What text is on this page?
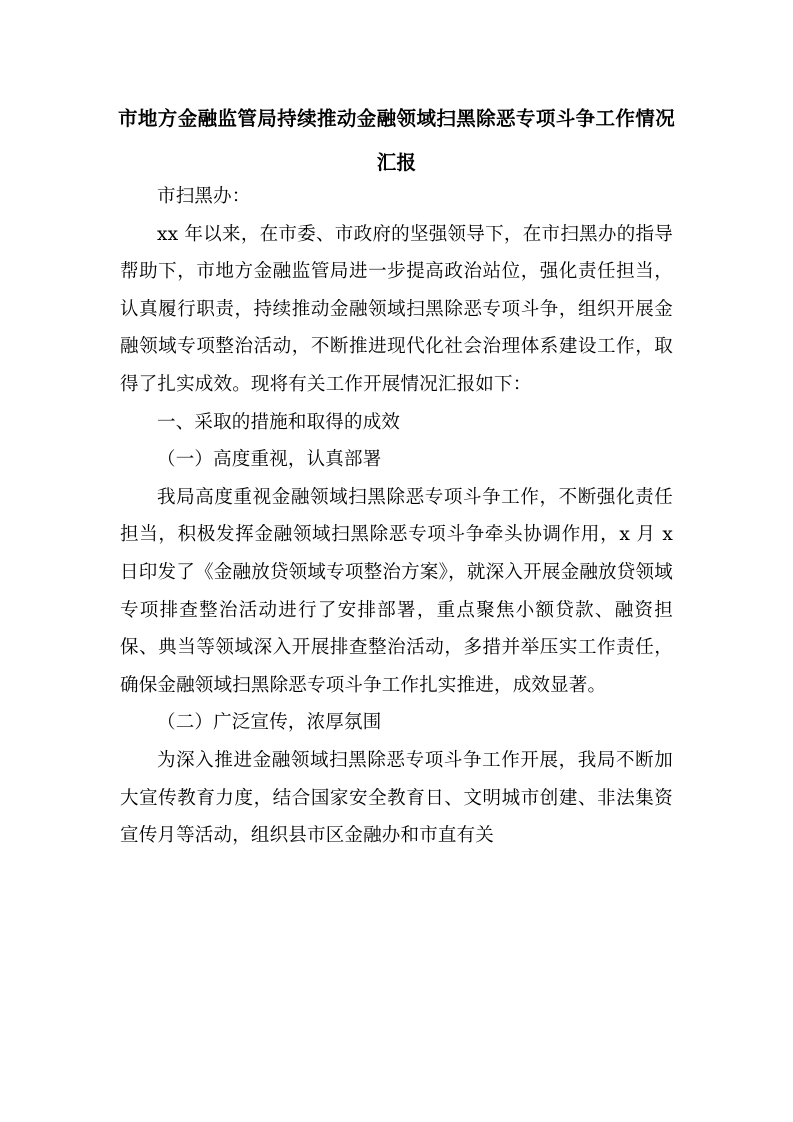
市地方金融监管局持续推动金融领域扫黑除恶专项斗争工作情况汇报

市扫黑办：

xx 年以来，在市委、市政府的坚强领导下，在市扫黑办的指导帮助下，市地方金融监管局进一步提高政治站位，强化责任担当，认真履行职责，持续推动金融领域扫黑除恶专项斗争，组织开展金融领域专项整治活动，不断推进现代化社会治理体系建设工作，取得了扎实成效。现将有关工作开展情况汇报如下：

一、采取的措施和取得的成效

（一）高度重视，认真部署

我局高度重视金融领域扫黑除恶专项斗争工作，不断强化责任担当，积极发挥金融领域扫黑除恶专项斗争牵头协调作用，x 月 x 日印发了《金融放贷领域专项整治方案》，就深入开展金融放贷领域专项排查整治活动进行了安排部署，重点聚焦小额贷款、融资担保、典当等领域深入开展排查整治活动，多措并举压实工作责任，确保金融领域扫黑除恶专项斗争工作扎实推进，成效显著。

（二）广泛宣传，浓厚氛围

为深入推进金融领域扫黑除恶专项斗争工作开展，我局不断加大宣传教育力度，结合国家安全教育日、文明城市创建、非法集资宣传月等活动，组织县市区金融办和市直有关
